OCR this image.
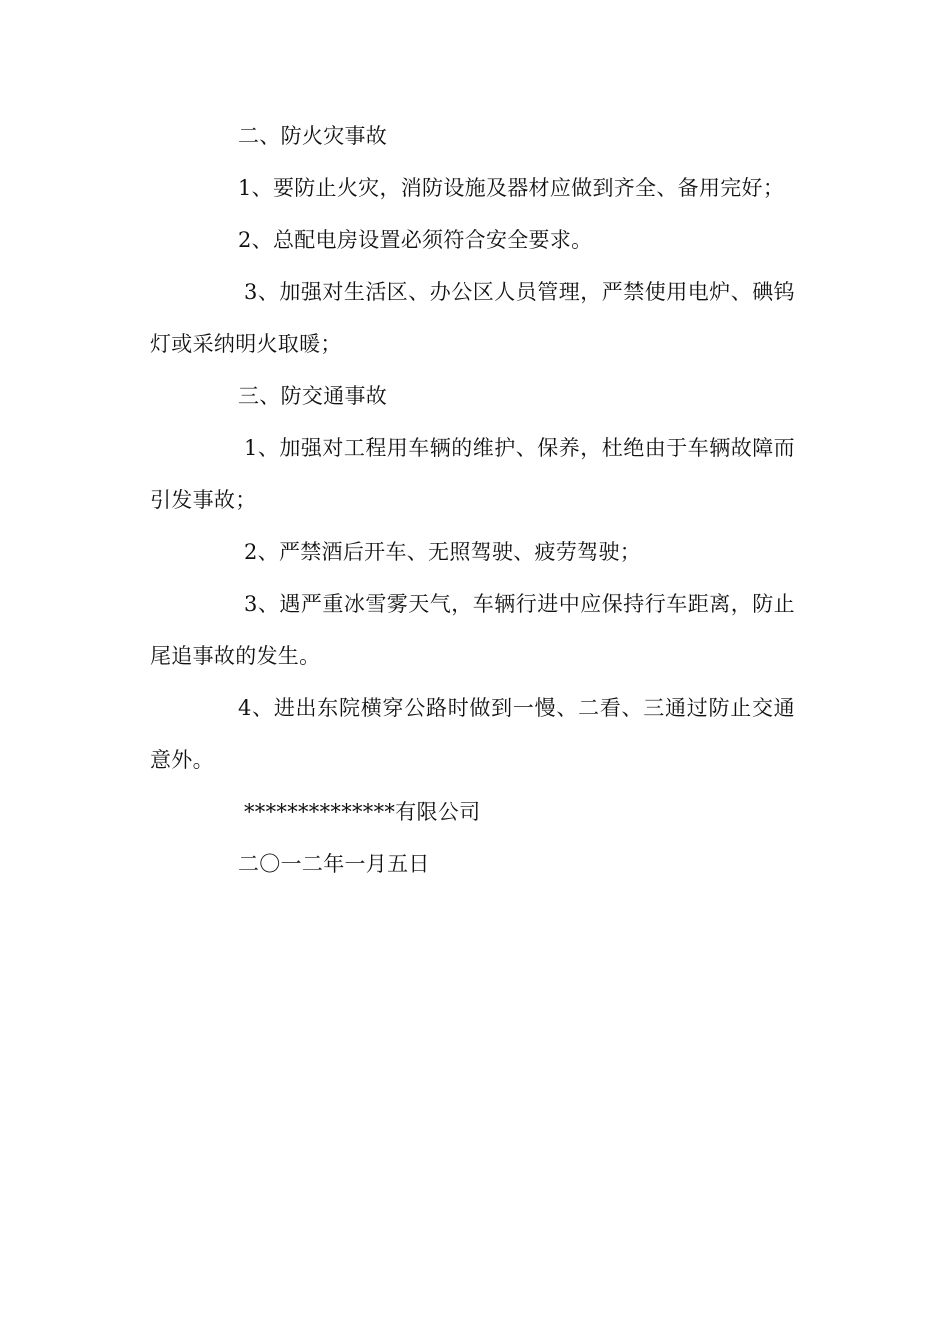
二、防火灾事故

1、要防止火灾，消防设施及器材应做到齐全、备用完好；

2、总配电房设置必须符合安全要求。

3、加强对生活区、办公区人员管理，严禁使用电炉、碘钨灯或采纳明火取暖；

三、防交通事故

1、加强对工程用车辆的维护、保养，杜绝由于车辆故障而引发事故；

2、严禁酒后开车、无照驾驶、疲劳驾驶；

3、遇严重冰雪雾天气，车辆行进中应保持行车距离，防止尾追事故的发生。

4、进出东院横穿公路时做到一慢、二看、三通过防止交通意外。

**************有限公司

二〇一二年一月五日
